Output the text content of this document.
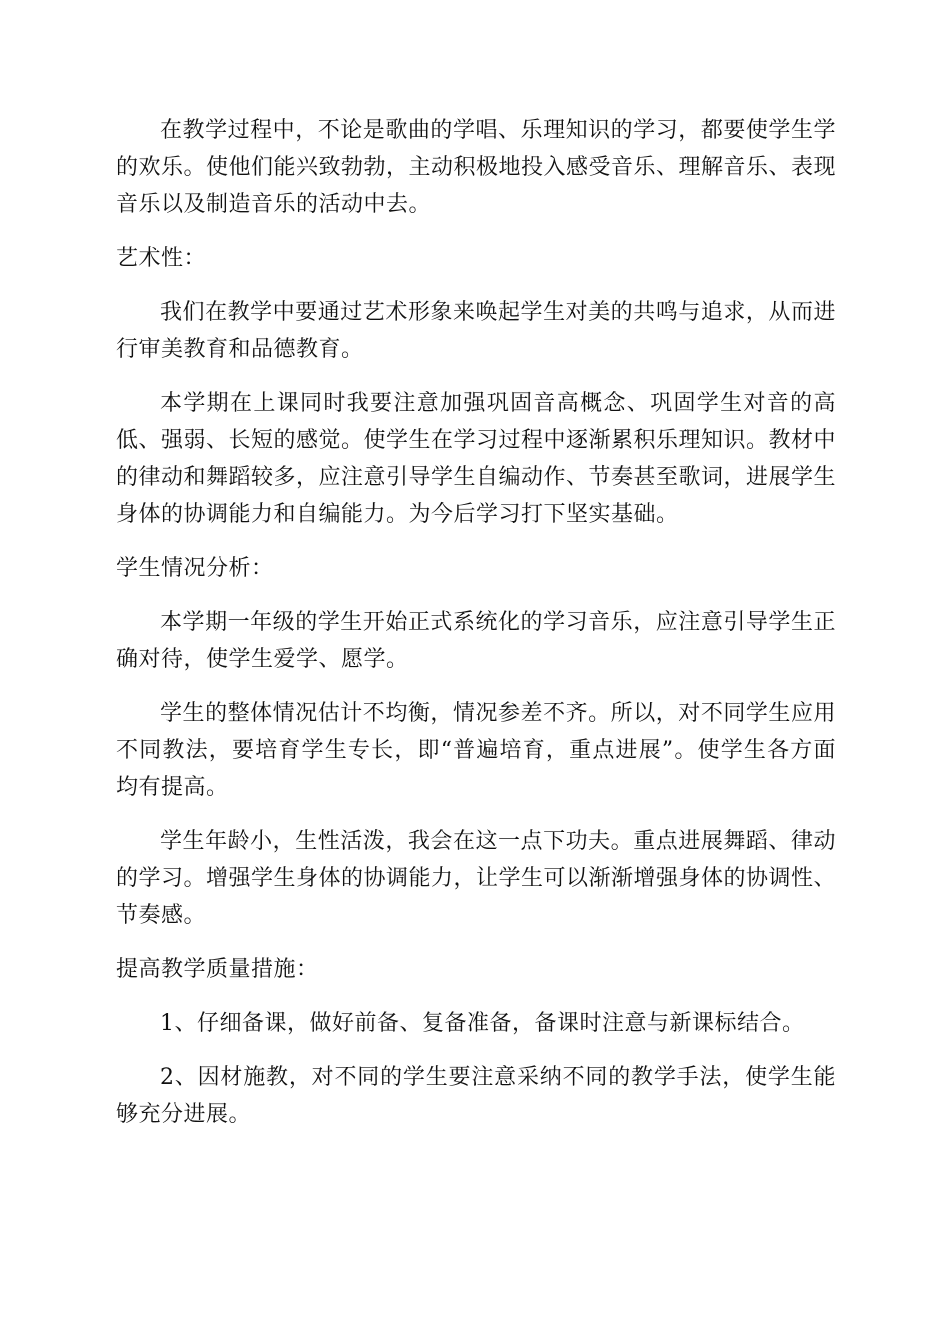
在教学过程中，不论是歌曲的学唱、乐理知识的学习，都要使学生学的欢乐。使他们能兴致勃勃，主动积极地投入感受音乐、理解音乐、表现音乐以及制造音乐的活动中去。

艺术性：

我们在教学中要通过艺术形象来唤起学生对美的共鸣与追求，从而进行审美教育和品德教育。

本学期在上课同时我要注意加强巩固音高概念、巩固学生对音的高低、强弱、长短的感觉。使学生在学习过程中逐渐累积乐理知识。教材中的律动和舞蹈较多，应注意引导学生自编动作、节奏甚至歌词，进展学生身体的协调能力和自编能力。为今后学习打下坚实基础。

学生情况分析：

本学期一年级的学生开始正式系统化的学习音乐，应注意引导学生正确对待，使学生爱学、愿学。

学生的整体情况估计不均衡，情况参差不齐。所以，对不同学生应用不同教法，要培育学生专长，即“普遍培育，重点进展”。使学生各方面均有提高。

学生年龄小，生性活泼，我会在这一点下功夫。重点进展舞蹈、律动的学习。增强学生身体的协调能力，让学生可以渐渐增强身体的协调性、节奏感。

提高教学质量措施：

1、仔细备课，做好前备、复备准备，备课时注意与新课标结合。

2、因材施教，对不同的学生要注意采纳不同的教学手法，使学生能够充分进展。
